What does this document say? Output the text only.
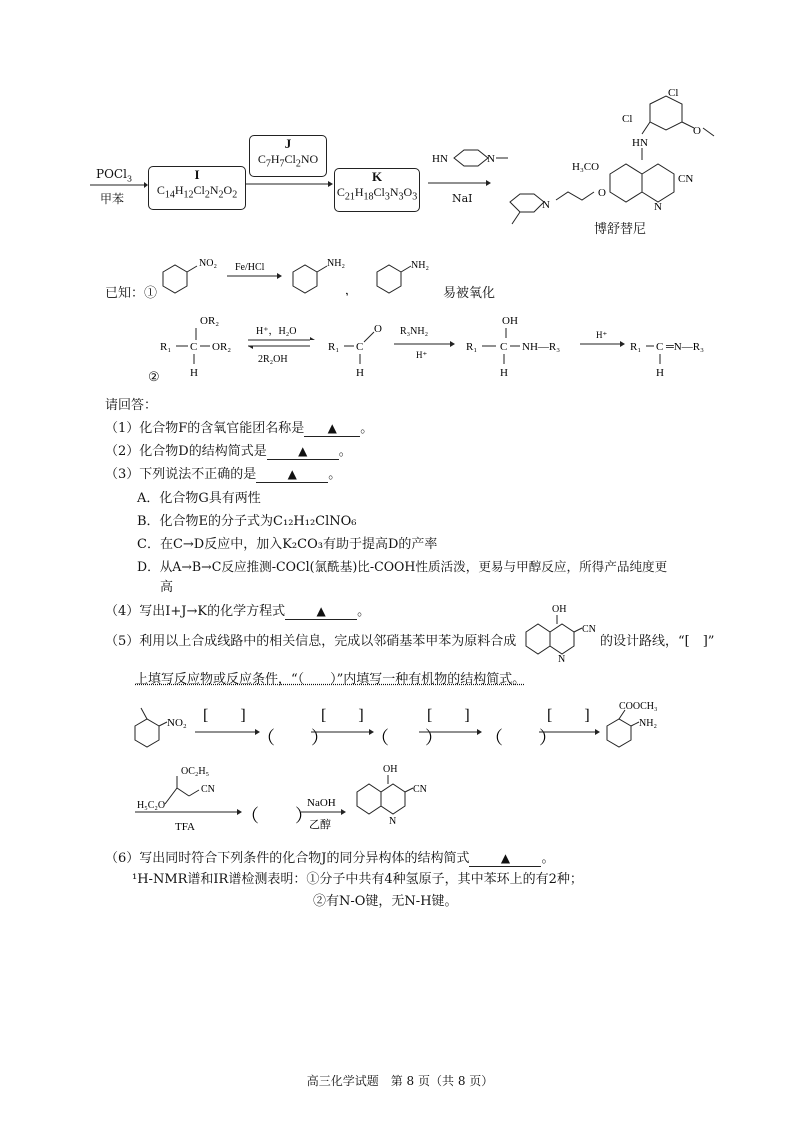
POCl$_3$
甲苯
I
$C_{14}H_{12}Cl_2N_2O_2$
J
$C_7H_7Cl_2NO$
K
$C_{21}H_{18}Cl_3N_3O_3$
HN	N
NaI
Cl
Cl
O
HN
N
CN
H₃CO
O
N
博舒替尼
已知：①
NO₂ Fe/HCl	NH₂
，
NH₂
易被氧化
②
OR₂
R₁ C OR₂
H
H⁺，H₂O
2R₂OH
R₁ C
O
H
R₃NH₂
H⁺
OH
R₁ C NH—R₃
H
H⁺
R₁ C ═N—R₃
H
请回答：
（1）化合物F的含氧官能团名称是 ▲ 。
（2）化合物D的结构简式是	▲ 。
（3）下列说法不正确的是	▲ 。
A．化合物G具有两性
B．化合物E的分子式为C₁₂H₁₂ClNO₆
C．在C→D反应中，加入K₂CO₃有助于提高D的产率
D．从A→B→C反应推测-COCl(氯酰基)比-COOH性质活泼，更易与甲醇反应，所得产品纯度更
高
（4）写出I+J→K的化学方程式	▲ 。
（5）利用以上合成线路中的相关信息，完成以邻硝基苯甲苯为原料合成
OH
N
CN
的设计路线，“[　]”
上填写反应物或反应条件，“（　　）”内填写一种有机物的结构简式。
NO₂ [　　]
（　　）
[　　]
（　　）
[　　]
（　　）
[　　]
COOCH₃
NH₂
OC₂H₅
CN
H₅C₂O
TFA
（　　）
NaOH
乙醇
OH
N
CN
（6）写出同时符合下列条件的化合物J的同分异构体的结构简式	▲ 。
¹H-NMR谱和IR谱检测表明：①分子中共有4种氢原子，其中苯环上的有2种；
②有N-O键，无N-H键。
高三化学试题　第 8 页（共 8 页）
